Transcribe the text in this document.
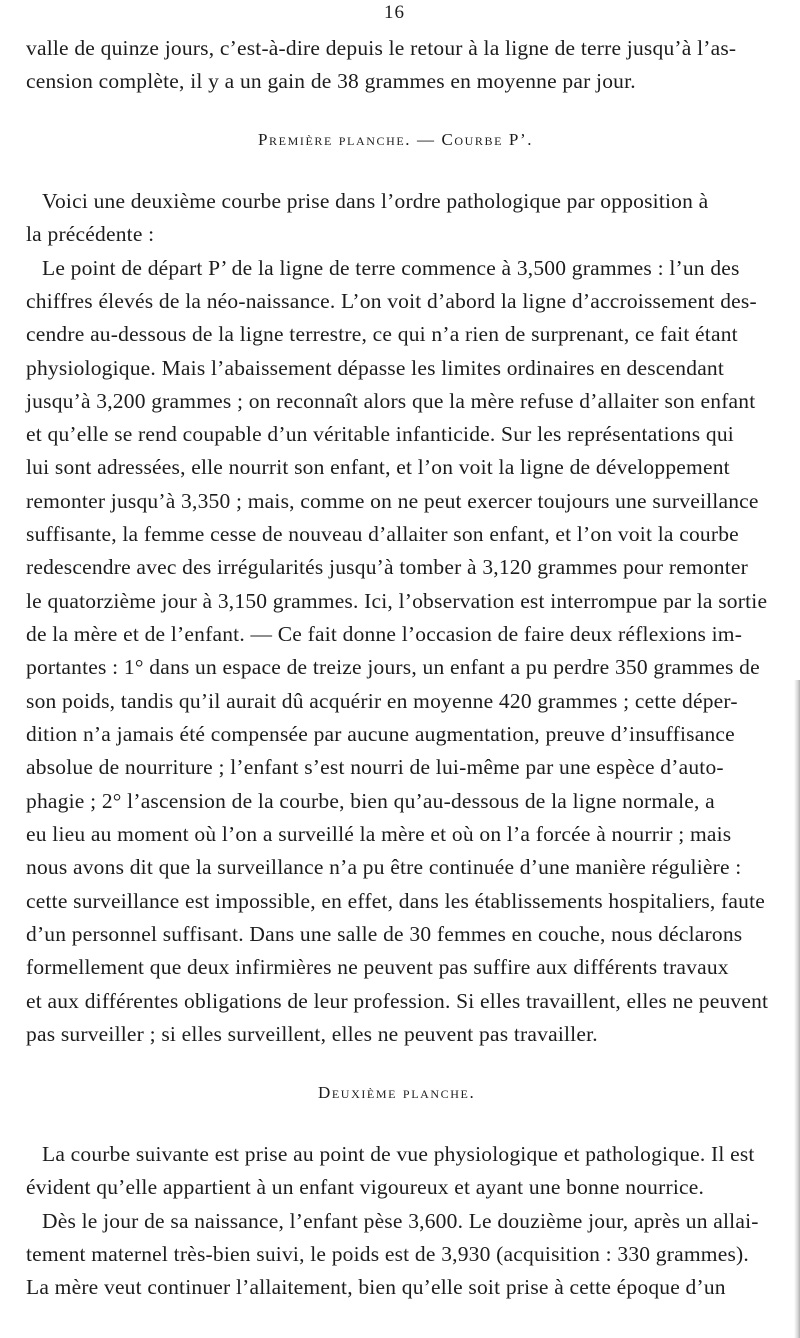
16
valle de quinze jours, c’est-à-dire depuis le retour à la ligne de terre jusqu’à l’as-
cension complète, il y a un gain de 38 grammes en moyenne par jour.
Première planche. — Courbe P’.
Voici une deuxième courbe prise dans l’ordre pathologique par opposition à
la précédente :
Le point de départ P’ de la ligne de terre commence à 3,500 grammes : l’un des
chiffres élevés de la néo-naissance. L’on voit d’abord la ligne d’accroissement des-
cendre au-dessous de la ligne terrestre, ce qui n’a rien de surprenant, ce fait étant
physiologique. Mais l’abaissement dépasse les limites ordinaires en descendant
jusqu’à 3,200 grammes ; on reconnaît alors que la mère refuse d’allaiter son enfant
et qu’elle se rend coupable d’un véritable infanticide. Sur les représentations qui
lui sont adressées, elle nourrit son enfant, et l’on voit la ligne de développement
remonter jusqu’à 3,350 ; mais, comme on ne peut exercer toujours une surveillance
suffisante, la femme cesse de nouveau d’allaiter son enfant, et l’on voit la courbe
redescendre avec des irrégularités jusqu’à tomber à 3,120 grammes pour remonter
le quatorzième jour à 3,150 grammes. Ici, l’observation est interrompue par la sortie
de la mère et de l’enfant. — Ce fait donne l’occasion de faire deux réflexions im-
portantes : 1° dans un espace de treize jours, un enfant a pu perdre 350 grammes de
son poids, tandis qu’il aurait dû acquérir en moyenne 420 grammes ; cette déper-
dition n’a jamais été compensée par aucune augmentation, preuve d’insuffisance
absolue de nourriture ; l’enfant s’est nourri de lui-même par une espèce d’auto-
phagie ; 2° l’ascension de la courbe, bien qu’au-dessous de la ligne normale, a
eu lieu au moment où l’on a surveillé la mère et où on l’a forcée à nourrir ; mais
nous avons dit que la surveillance n’a pu être continuée d’une manière régulière :
cette surveillance est impossible, en effet, dans les établissements hospitaliers, faute
d’un personnel suffisant. Dans une salle de 30 femmes en couche, nous déclarons
formellement que deux infirmières ne peuvent pas suffire aux différents travaux
et aux différentes obligations de leur profession. Si elles travaillent, elles ne peuvent
pas surveiller ; si elles surveillent, elles ne peuvent pas travailler.
Deuxième planche.
La courbe suivante est prise au point de vue physiologique et pathologique. Il est
évident qu’elle appartient à un enfant vigoureux et ayant une bonne nourrice.
Dès le jour de sa naissance, l’enfant pèse 3,600. Le douzième jour, après un allai-
tement maternel très-bien suivi, le poids est de 3,930 (acquisition : 330 grammes).
La mère veut continuer l’allaitement, bien qu’elle soit prise à cette époque d’un
